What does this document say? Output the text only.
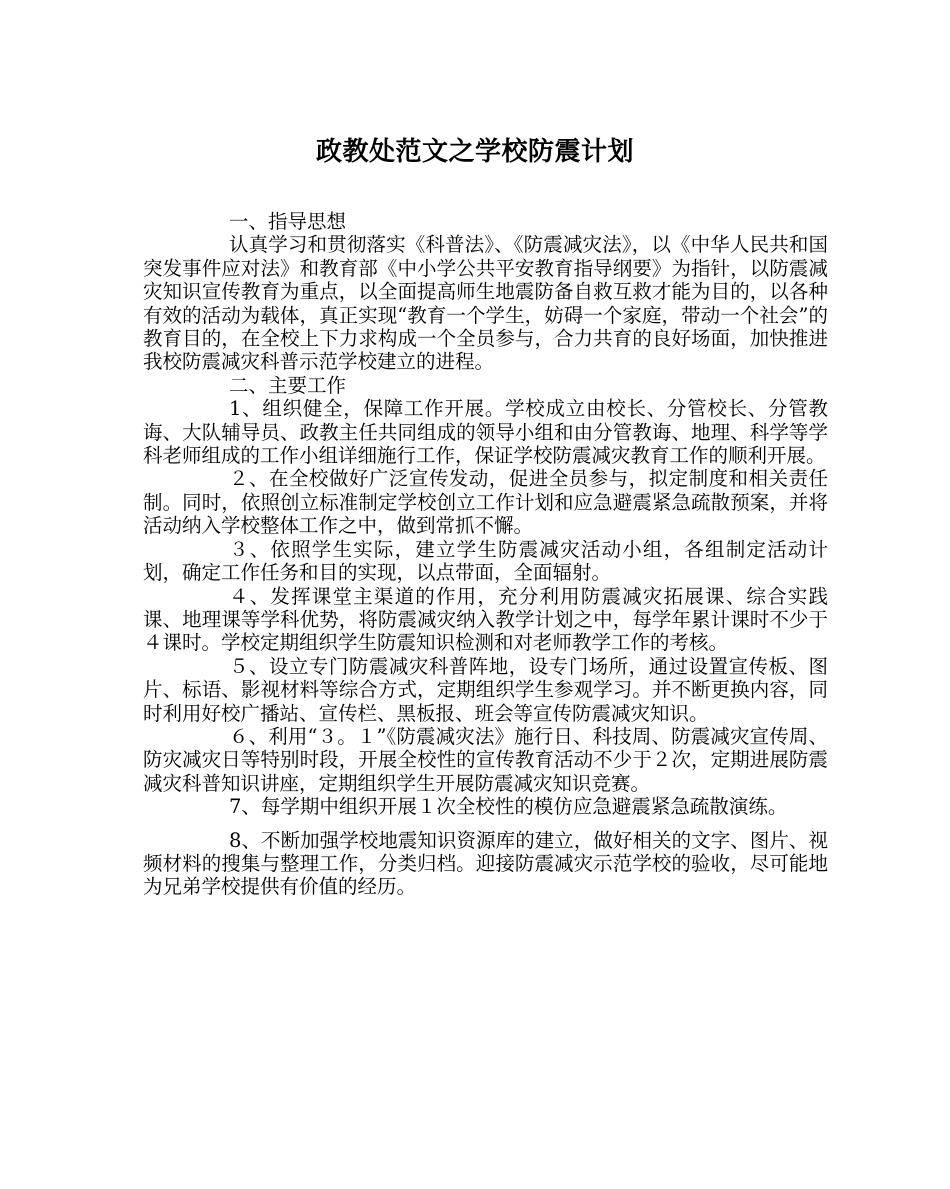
政教处范文之学校防震计划

一、指导思想

认真学习和贯彻落实《科普法》、《防震减灾法》，以《中华人民共和国突发事件应对法》和教育部《中小学公共平安教育指导纲要》为指针，以防震减灾知识宣传教育为重点，以全面提高师生地震防备自救互救才能为目的，以各种有效的活动为载体，真正实现“教育一个学生，妨碍一个家庭，带动一个社会”的教育目的，在全校上下力求构成一个全员参与，合力共育的良好场面，加快推进我校防震减灾科普示范学校建立的进程。

二、主要工作

1、组织健全，保障工作开展。学校成立由校长、分管校长、分管教诲、大队辅导员、政教主任共同组成的领导小组和由分管教诲、地理、科学等学科老师组成的工作小组详细施行工作，保证学校防震减灾教育工作的顺利开展。

２、在全校做好广泛宣传发动，促进全员参与，拟定制度和相关责任制。同时，依照创立标准制定学校创立工作计划和应急避震紧急疏散预案，并将活动纳入学校整体工作之中，做到常抓不懈。

３、依照学生实际，建立学生防震减灾活动小组，各组制定活动计划，确定工作任务和目的实现，以点带面，全面辐射。

４、发挥课堂主渠道的作用，充分利用防震减灾拓展课、综合实践课、地理课等学科优势，将防震减灾纳入教学计划之中，每学年累计课时不少于４课时。学校定期组织学生防震知识检测和对老师教学工作的考核。

５、设立专门防震减灾科普阵地，设专门场所，通过设置宣传板、图片、标语、影视材料等综合方式，定期组织学生参观学习。并不断更换内容，同时利用好校广播站、宣传栏、黑板报、班会等宣传防震减灾知识。

６、利用“３。１”《防震减灾法》施行日、科技周、防震减灾宣传周、防灾减灾日等特别时段，开展全校性的宣传教育活动不少于２次，定期进展防震减灾科普知识讲座，定期组织学生开展防震减灾知识竞赛。

7、每学期中组织开展１次全校性的模仿应急避震紧急疏散演练。

8、不断加强学校地震知识资源库的建立，做好相关的文字、图片、视频材料的搜集与整理工作，分类归档。迎接防震减灾示范学校的验收，尽可能地为兄弟学校提供有价值的经历。
